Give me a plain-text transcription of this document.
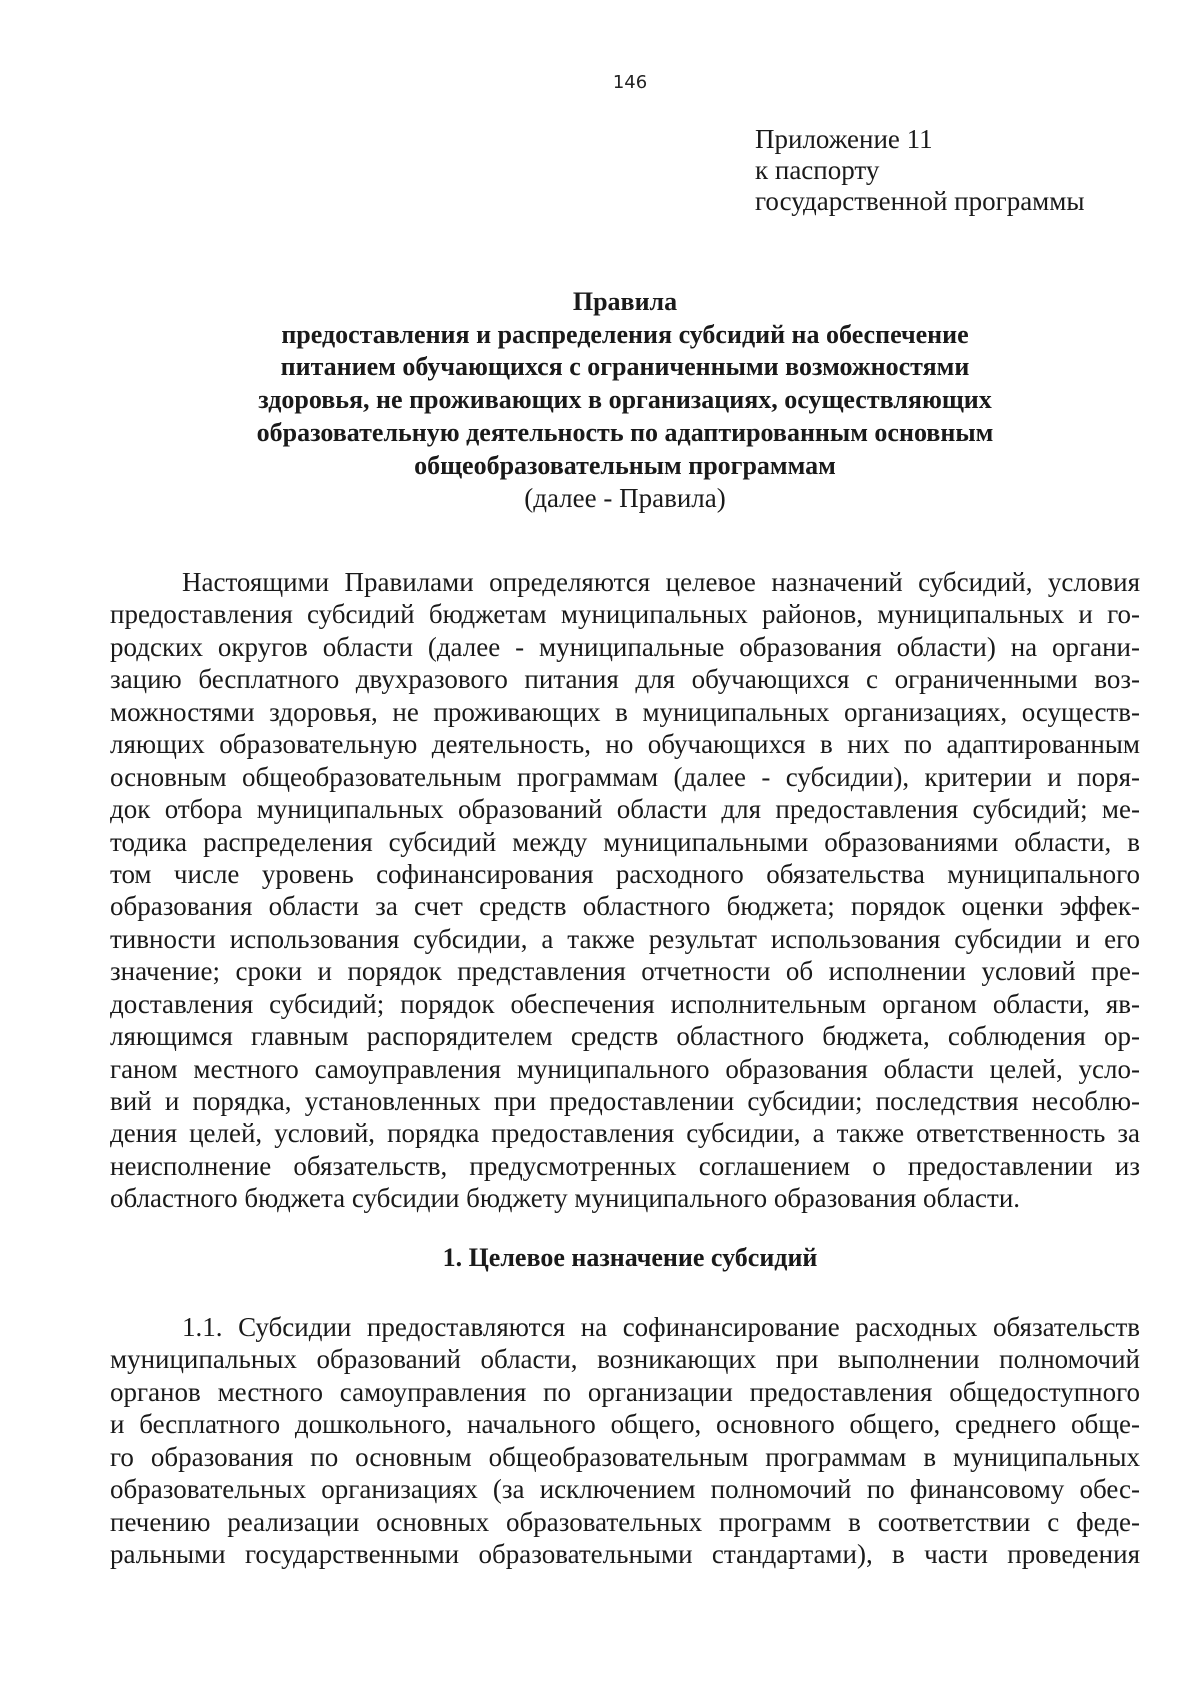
146
Приложение 11
к паспорту
государственной программы
Правила
предоставления и распределения субсидий на обеспечение
питанием обучающихся с ограниченными возможностями
здоровья, не проживающих в организациях, осуществляющих
образовательную деятельность по адаптированным основным
общеобразовательным программам
(далее - Правила)
Настоящими Правилами определяются целевое назначений субсидий, условия
предоставления субсидий бюджетам муниципальных районов, муниципальных и го-
родских округов области (далее - муниципальные образования области) на органи-
зацию бесплатного двухразового питания для обучающихся с ограниченными воз-
можностями здоровья, не проживающих в муниципальных организациях, осуществ-
ляющих образовательную деятельность, но обучающихся в них по адаптированным
основным общеобразовательным программам (далее - субсидии), критерии и поря-
док отбора муниципальных образований области для предоставления субсидий; ме-
тодика распределения субсидий между муниципальными образованиями области, в
том числе уровень софинансирования расходного обязательства муниципального
образования области за счет средств областного бюджета; порядок оценки эффек-
тивности использования субсидии, а также результат использования субсидии и его
значение; сроки и порядок представления отчетности об исполнении условий пре-
доставления субсидий; порядок обеспечения исполнительным органом области, яв-
ляющимся главным распорядителем средств областного бюджета, соблюдения ор-
ганом местного самоуправления муниципального образования области целей, усло-
вий и порядка, установленных при предоставлении субсидии; последствия несоблю-
дения целей, условий, порядка предоставления субсидии, а также ответственность за
неисполнение обязательств, предусмотренных соглашением о предоставлении из
областного бюджета субсидии бюджету муниципального образования области.
1. Целевое назначение субсидий
1.1. Субсидии предоставляются на софинансирование расходных обязательств
муниципальных образований области, возникающих при выполнении полномочий
органов местного самоуправления по организации предоставления общедоступного
и бесплатного дошкольного, начального общего, основного общего, среднего обще-
го образования по основным общеобразовательным программам в муниципальных
образовательных организациях (за исключением полномочий по финансовому обес-
печению реализации основных образовательных программ в соответствии с феде-
ральными государственными образовательными стандартами), в части проведения
